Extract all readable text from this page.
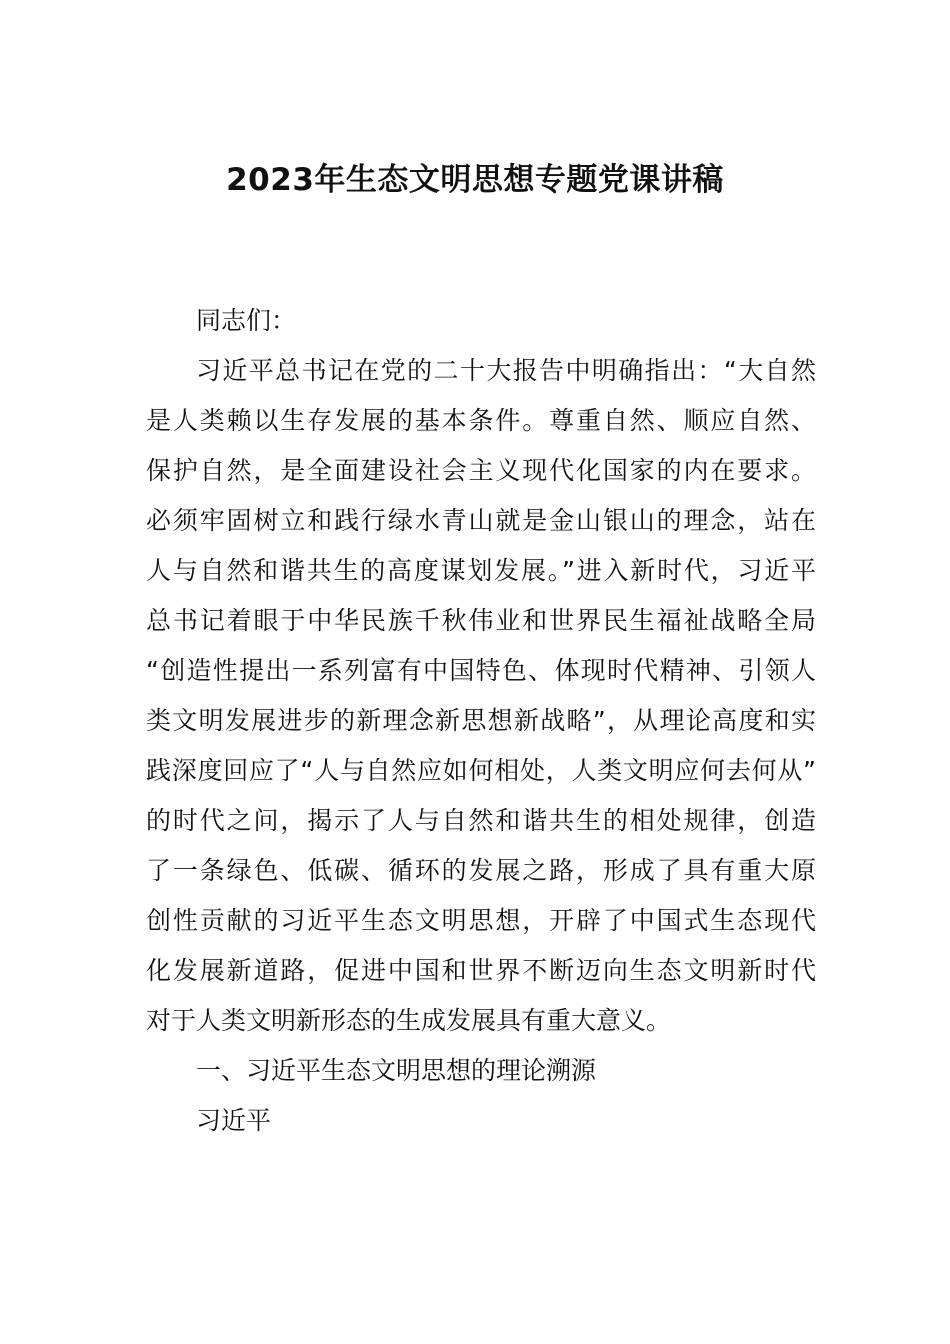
2023年生态文明思想专题党课讲稿
同志们：
习近平总书记在党的二十大报告中明确指出：“大自然
是人类赖以生存发展的基本条件。尊重自然、顺应自然、
保护自然，是全面建设社会主义现代化国家的内在要求。
必须牢固树立和践行绿水青山就是金山银山的理念，站在
人与自然和谐共生的高度谋划发展。”进入新时代，习近平
总书记着眼于中华民族千秋伟业和世界民生福祉战略全局
“创造性提出一系列富有中国特色、体现时代精神、引领人
类文明发展进步的新理念新思想新战略”，从理论高度和实
践深度回应了“人与自然应如何相处，人类文明应何去何从”
的时代之问，揭示了人与自然和谐共生的相处规律，创造
了一条绿色、低碳、循环的发展之路，形成了具有重大原
创性贡献的习近平生态文明思想，开辟了中国式生态现代
化发展新道路，促进中国和世界不断迈向生态文明新时代
对于人类文明新形态的生成发展具有重大意义。
一、习近平生态文明思想的理论溯源
习近平
